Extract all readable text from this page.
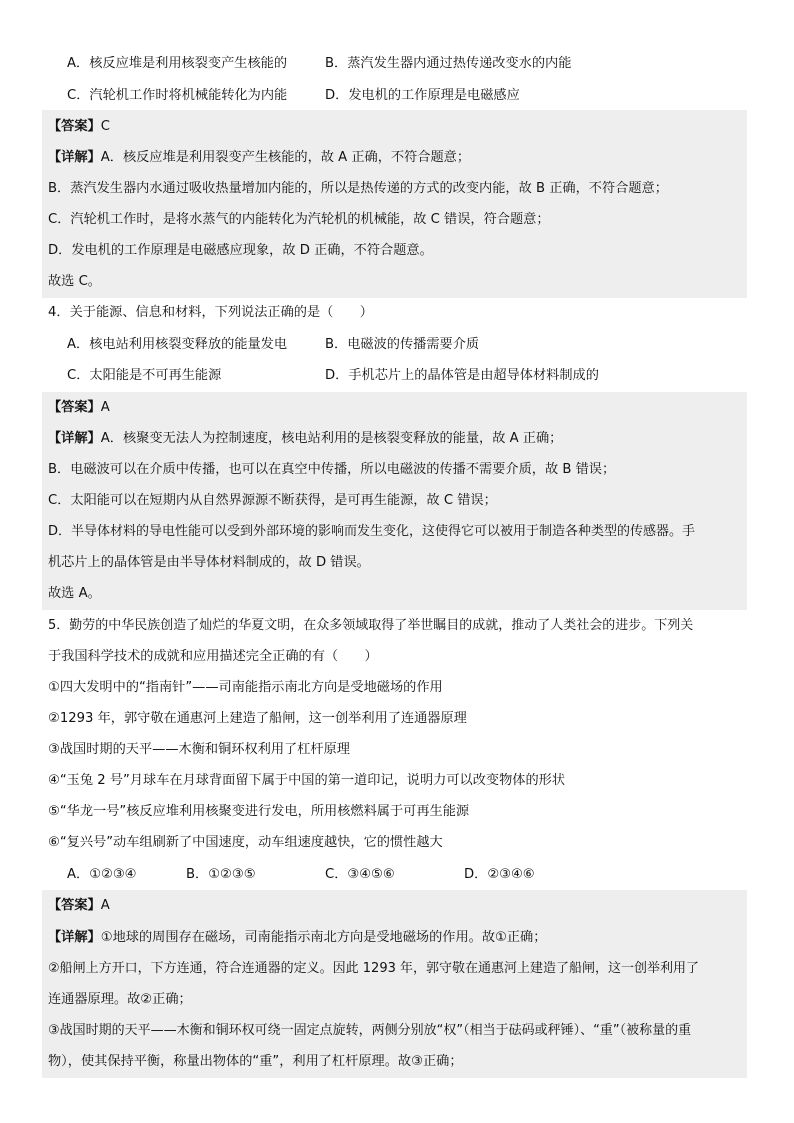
A．核反应堆是利用核裂变产生核能的	B．蒸汽发生器内通过热传递改变水的内能
C．汽轮机工作时将机械能转化为内能	D．发电机的工作原理是电磁感应
【答案】C
【详解】A．核反应堆是利用裂变产生核能的，故 A 正确，不符合题意；
B．蒸汽发生器内水通过吸收热量增加内能的，所以是热传递的方式的改变内能，故 B 正确，不符合题意；
C．汽轮机工作时，是将水蒸气的内能转化为汽轮机的机械能，故 C 错误，符合题意；
D．发电机的工作原理是电磁感应现象，故 D 正确，不符合题意。
故选 C。
4．关于能源、信息和材料，下列说法正确的是（　　）
A．核电站利用核裂变释放的能量发电	B．电磁波的传播需要介质
C．太阳能是不可再生能源	D．手机芯片上的晶体管是由超导体材料制成的
【答案】A
【详解】A．核聚变无法人为控制速度，核电站利用的是核裂变释放的能量，故 A 正确；
B．电磁波可以在介质中传播，也可以在真空中传播，所以电磁波的传播不需要介质，故 B 错误；
C．太阳能可以在短期内从自然界源源不断获得，是可再生能源，故 C 错误；
D．半导体材料的导电性能可以受到外部环境的影响而发生变化，这使得它可以被用于制造各种类型的传感器。手
机芯片上的晶体管是由半导体材料制成的，故 D 错误。
故选 A。
5．勤劳的中华民族创造了灿烂的华夏文明，在众多领域取得了举世瞩目的成就，推动了人类社会的进步。下列关
于我国科学技术的成就和应用描述完全正确的有（　　）
①四大发明中的“指南针”——司南能指示南北方向是受地磁场的作用
②1293 年，郭守敬在通惠河上建造了船闸，这一创举利用了连通器原理
③战国时期的天平——木衡和铜环权利用了杠杆原理
④“玉兔 2 号”月球车在月球背面留下属于中国的第一道印记，说明力可以改变物体的形状
⑤“华龙一号”核反应堆利用核聚变进行发电，所用核燃料属于可再生能源
⑥“复兴号”动车组刷新了中国速度，动车组速度越快，它的惯性越大
A．①②③④	B．①②③⑤	C．③④⑤⑥	D．②③④⑥
【答案】A
【详解】①地球的周围存在磁场，司南能指示南北方向是受地磁场的作用。故①正确；
②船闸上方开口，下方连通，符合连通器的定义。因此 1293 年，郭守敬在通惠河上建造了船闸，这一创举利用了
连通器原理。故②正确；
③战国时期的天平——木衡和铜环权可绕一固定点旋转，两侧分别放“权”（相当于砝码或秤锤）、“重”（被称量的重
物），使其保持平衡，称量出物体的“重”，利用了杠杆原理。故③正确；
